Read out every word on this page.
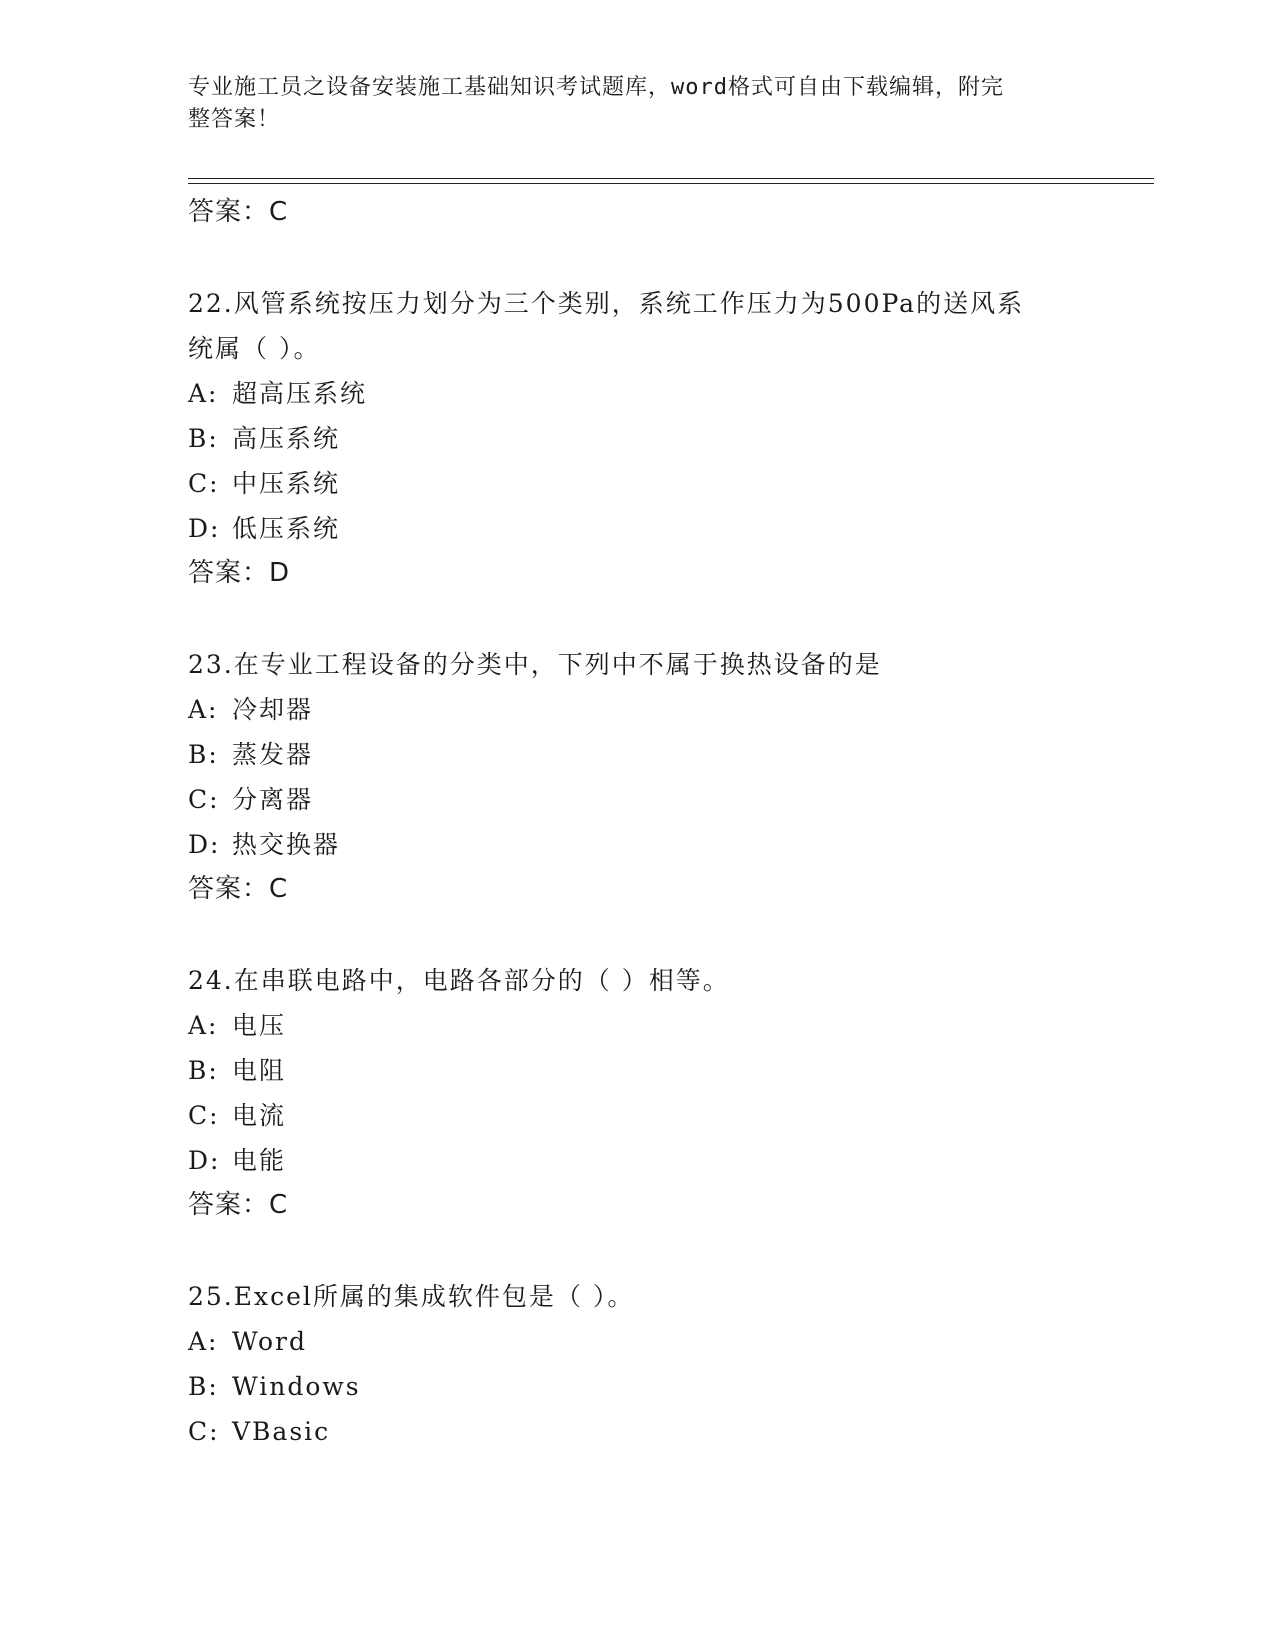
专业施工员之设备安装施工基础知识考试题库，word格式可自由下载编辑，附完
整答案！
答案：C
22.风管系统按压力划分为三个类别，系统工作压力为500Pa的送风系
统属（ ）。
A: 超高压系统
B: 高压系统
C: 中压系统
D: 低压系统
答案：D
23.在专业工程设备的分类中，下列中不属于换热设备的是
A: 冷却器
B: 蒸发器
C: 分离器
D: 热交换器
答案：C
24.在串联电路中，电路各部分的（ ）相等。
A: 电压
B: 电阻
C: 电流
D: 电能
答案：C
25.Excel所属的集成软件包是（ ）。
A: Word
B: Windows
C: VBasic
